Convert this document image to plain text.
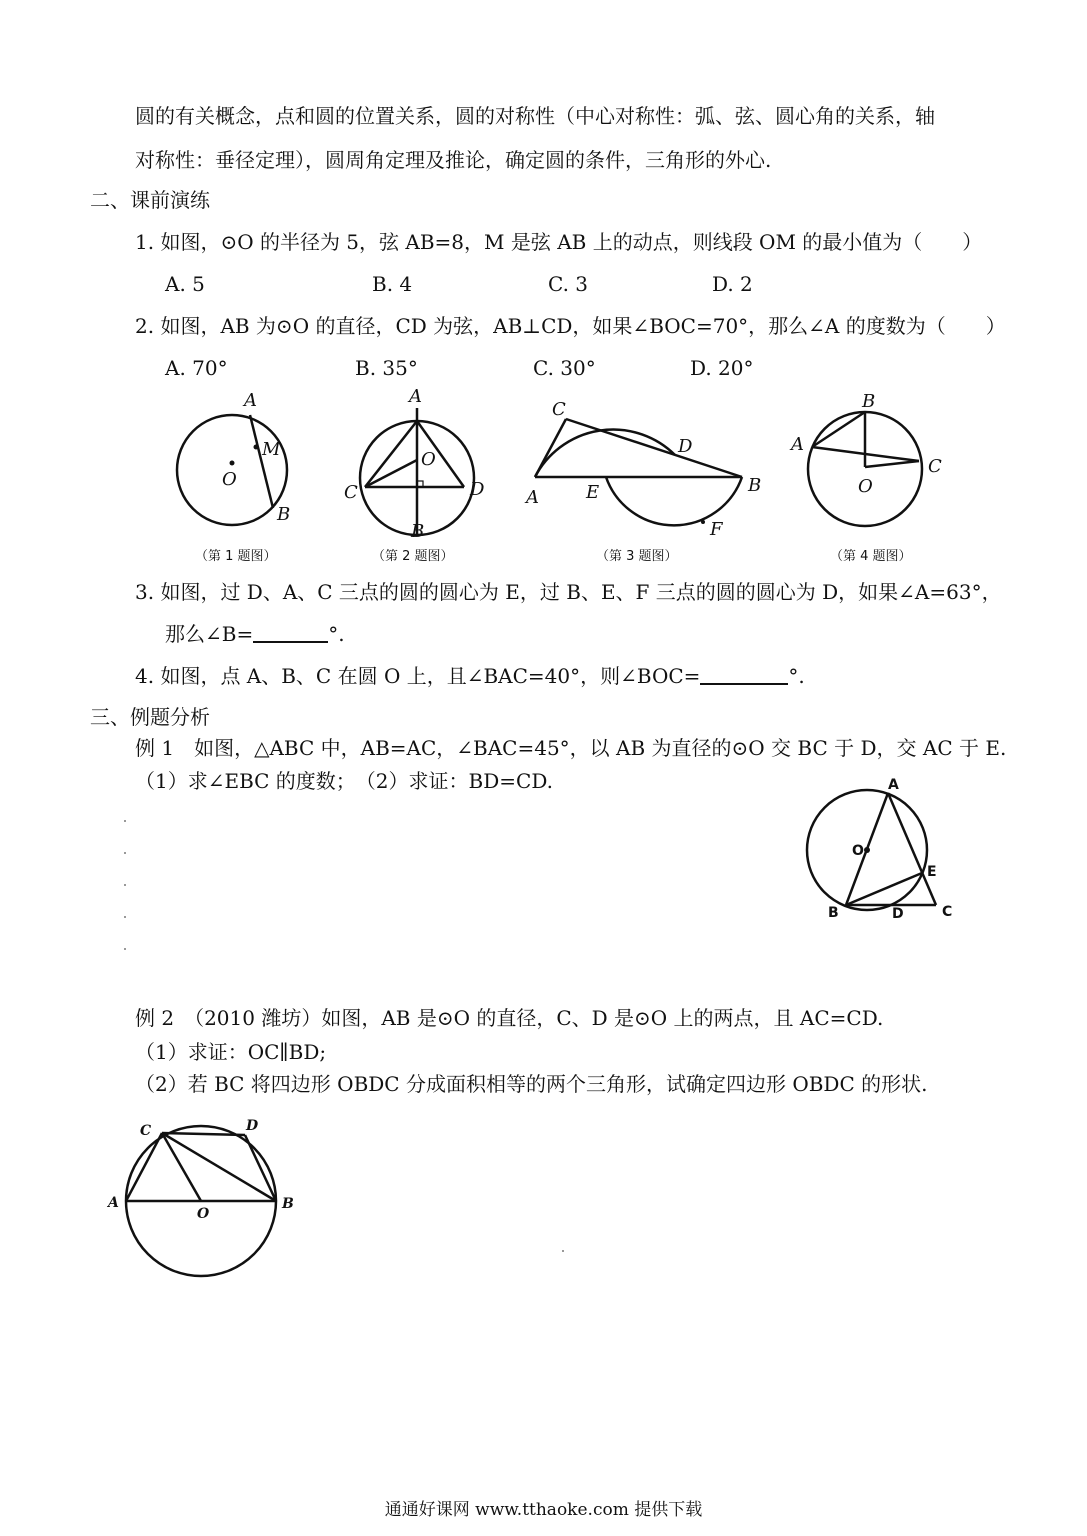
圆的有关概念，点和圆的位置关系，圆的对称性（中心对称性：弧、弦、圆心角的关系，轴
对称性：垂径定理），圆周角定理及推论，确定圆的条件，三角形的外心.
二、课前演练
1. 如图，⊙O 的半径为 5，弦 AB=8，M 是弦 AB 上的动点，则线段 OM 的最小值为（　　）
A. 5	B. 4	C. 3	D. 2
2. 如图，AB 为⊙O 的直径，CD 为弦，AB⊥CD，如果∠BOC=70°，那么∠A 的度数为（　　）
A. 70°	B. 35°	C. 30°	D. 20°
A
M
O
B
（第 1 题图）
A
O
C	D
B
（第 2 题图）
C
D
A	E	B
F
（第 3 题图）
B
A
C
O
（第 4 题图）
3. 如图，过 D、A、C 三点的圆的圆心为 E，过 B、E、F 三点的圆的圆心为 D，如果∠A=63°，
那么∠B=	°.
4. 如图，点 A、B、C 在圆 O 上，且∠BAC=40°，则∠BOC=	°.
三、例题分析
例 1　如图，△ABC 中，AB=AC，∠BAC=45°，以 AB 为直径的⊙O 交 BC 于 D，交 AC 于 E.
（1）求∠EBC 的度数；　（2）求证：BD=CD.	A
O
E
B	D	C
例 2　（2010 潍坊）如图，AB 是⊙O 的直径，C、D 是⊙O 上的两点，且 AC=CD.
（1）求证：OC∥BD;
（2）若 BC 将四边形 OBDC 分成面积相等的两个三角形，试确定四边形 OBDC 的形状.
C	D
A
O
B
通通好课网 www.tthaoke.com 提供下载
